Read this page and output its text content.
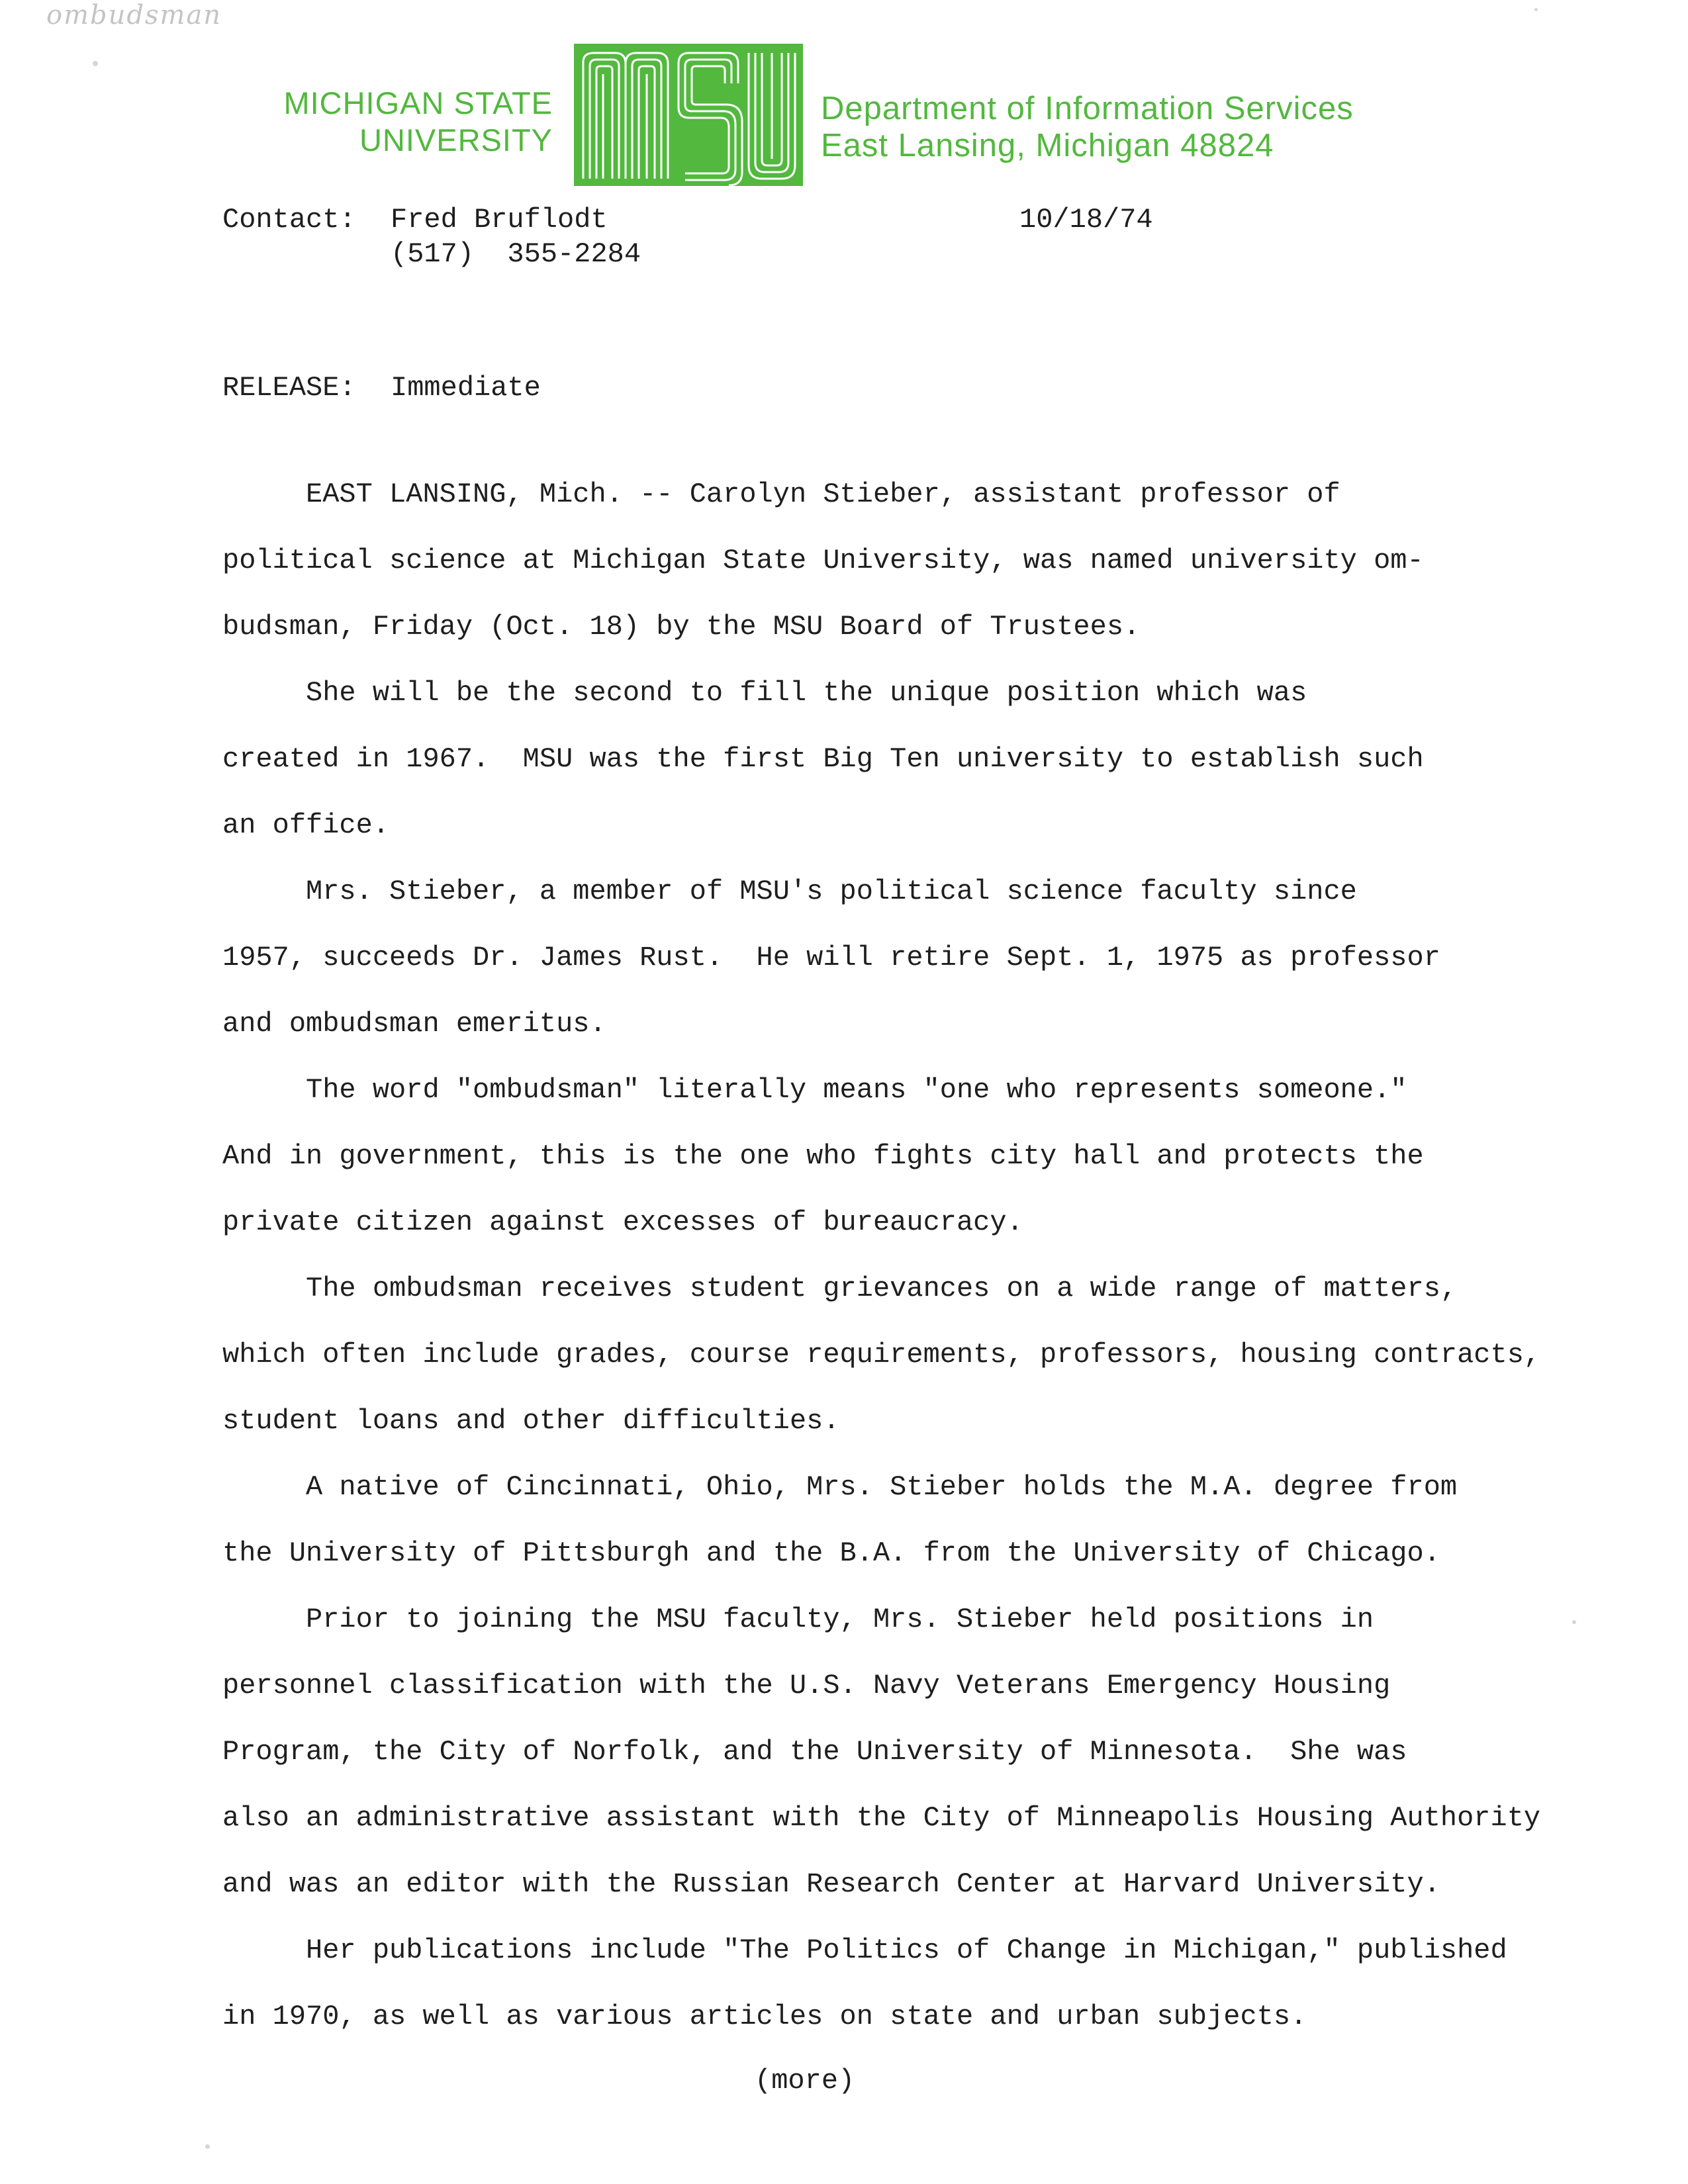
ombudsman
MICHIGAN STATE
UNIVERSITY
Department of Information Services
East Lansing, Michigan 48824
Contact: Fred Bruflodt
(517)  355-2284
10/18/74
RELEASE: Immediate

EAST LANSING, Mich. -- Carolyn Stieber, assistant professor of

political science at Michigan State University, was named university om-

budsman, Friday (Oct. 18) by the MSU Board of Trustees.

She will be the second to fill the unique position which was

created in 1967.  MSU was the first Big Ten university to establish such

an office.

Mrs. Stieber, a member of MSU's political science faculty since

1957, succeeds Dr. James Rust.  He will retire Sept. 1, 1975 as professor

and ombudsman emeritus.

The word "ombudsman" literally means "one who represents someone."

And in government, this is the one who fights city hall and protects the

private citizen against excesses of bureaucracy.

The ombudsman receives student grievances on a wide range of matters,

which often include grades, course requirements, professors, housing contracts,

student loans and other difficulties.

A native of Cincinnati, Ohio, Mrs. Stieber holds the M.A. degree from

the University of Pittsburgh and the B.A. from the University of Chicago.

Prior to joining the MSU faculty, Mrs. Stieber held positions in

personnel classification with the U.S. Navy Veterans Emergency Housing

Program, the City of Norfolk, and the University of Minnesota.  She was

also an administrative assistant with the City of Minneapolis Housing Authority

and was an editor with the Russian Research Center at Harvard University.

Her publications include "The Politics of Change in Michigan," published

in 1970, as well as various articles on state and urban subjects.

(more)
